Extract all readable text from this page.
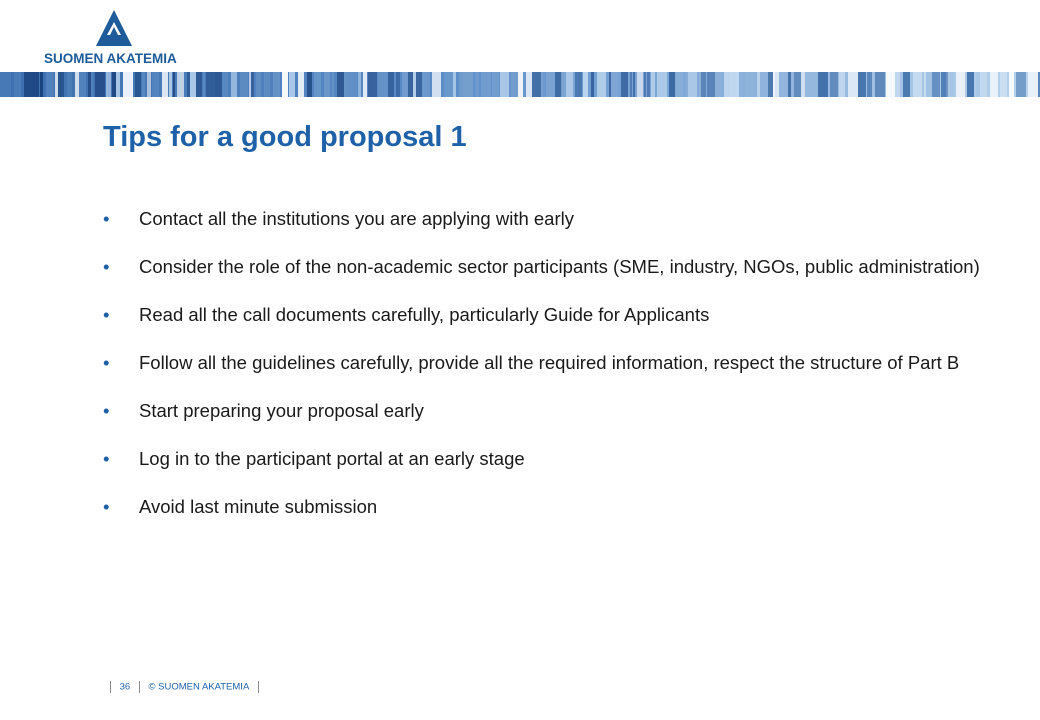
SUOMEN AKATEMIA
Tips for a good proposal 1
• Contact all the institutions you are applying with early
• Consider the role of the non-academic sector participants (SME, industry, NGOs, public administration)
• Read all the call documents carefully, particularly Guide for Applicants
• Follow all the guidelines carefully, provide all the required information, respect the structure of Part B
• Start preparing your proposal early
• Log in to the participant portal at an early stage
• Avoid last minute submission
36 © SUOMEN AKATEMIA
